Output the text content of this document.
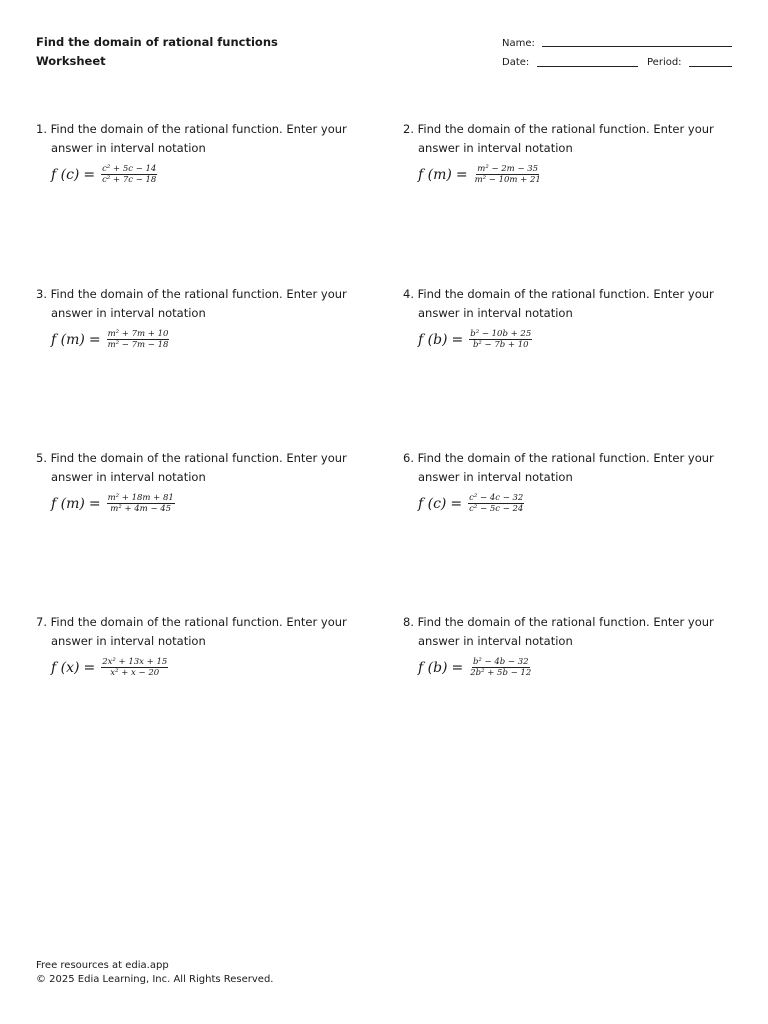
Find the domain of rational functions

Worksheet

Name:
Date:	Period:

1. Find the domain of the rational function. Enter your answer in interval notation

f $(c) = \frac{\text{c² + 5c − 14}}{\text{c² + 7c − 18}}$

2. Find the domain of the rational function. Enter your answer in interval notation

f $(m) = \frac{\text{m² − 2m − 35}}{\text{m² − 10m + 21}}$

3. Find the domain of the rational function. Enter your answer in interval notation

f $(m) = \frac{\text{m² + 7m + 10}}{\text{m² − 7m − 18}}$

4. Find the domain of the rational function. Enter your answer in interval notation

f $(b) = \frac{\text{b² − 10b + 25}}{\text{b² − 7b + 10}}$

5. Find the domain of the rational function. Enter your answer in interval notation

f $(m) = \frac{\text{m² + 18m + 81}}{\text{m² + 4m − 45}}$

6. Find the domain of the rational function. Enter your answer in interval notation

f $(c) = \frac{\text{c² − 4c − 32}}{\text{c² − 5c − 24}}$

7. Find the domain of the rational function. Enter your answer in interval notation

f $(x) = \frac{\text{2x² + 13x + 15}}{\text{x² + x − 20}}$

8. Find the domain of the rational function. Enter your answer in interval notation

f $(b) = \frac{\text{b² − 4b − 32}}{\text{2b² + 5b − 12}}$
Free resources at edia.app
© 2025 Edia Learning, Inc. All Rights Reserved.
